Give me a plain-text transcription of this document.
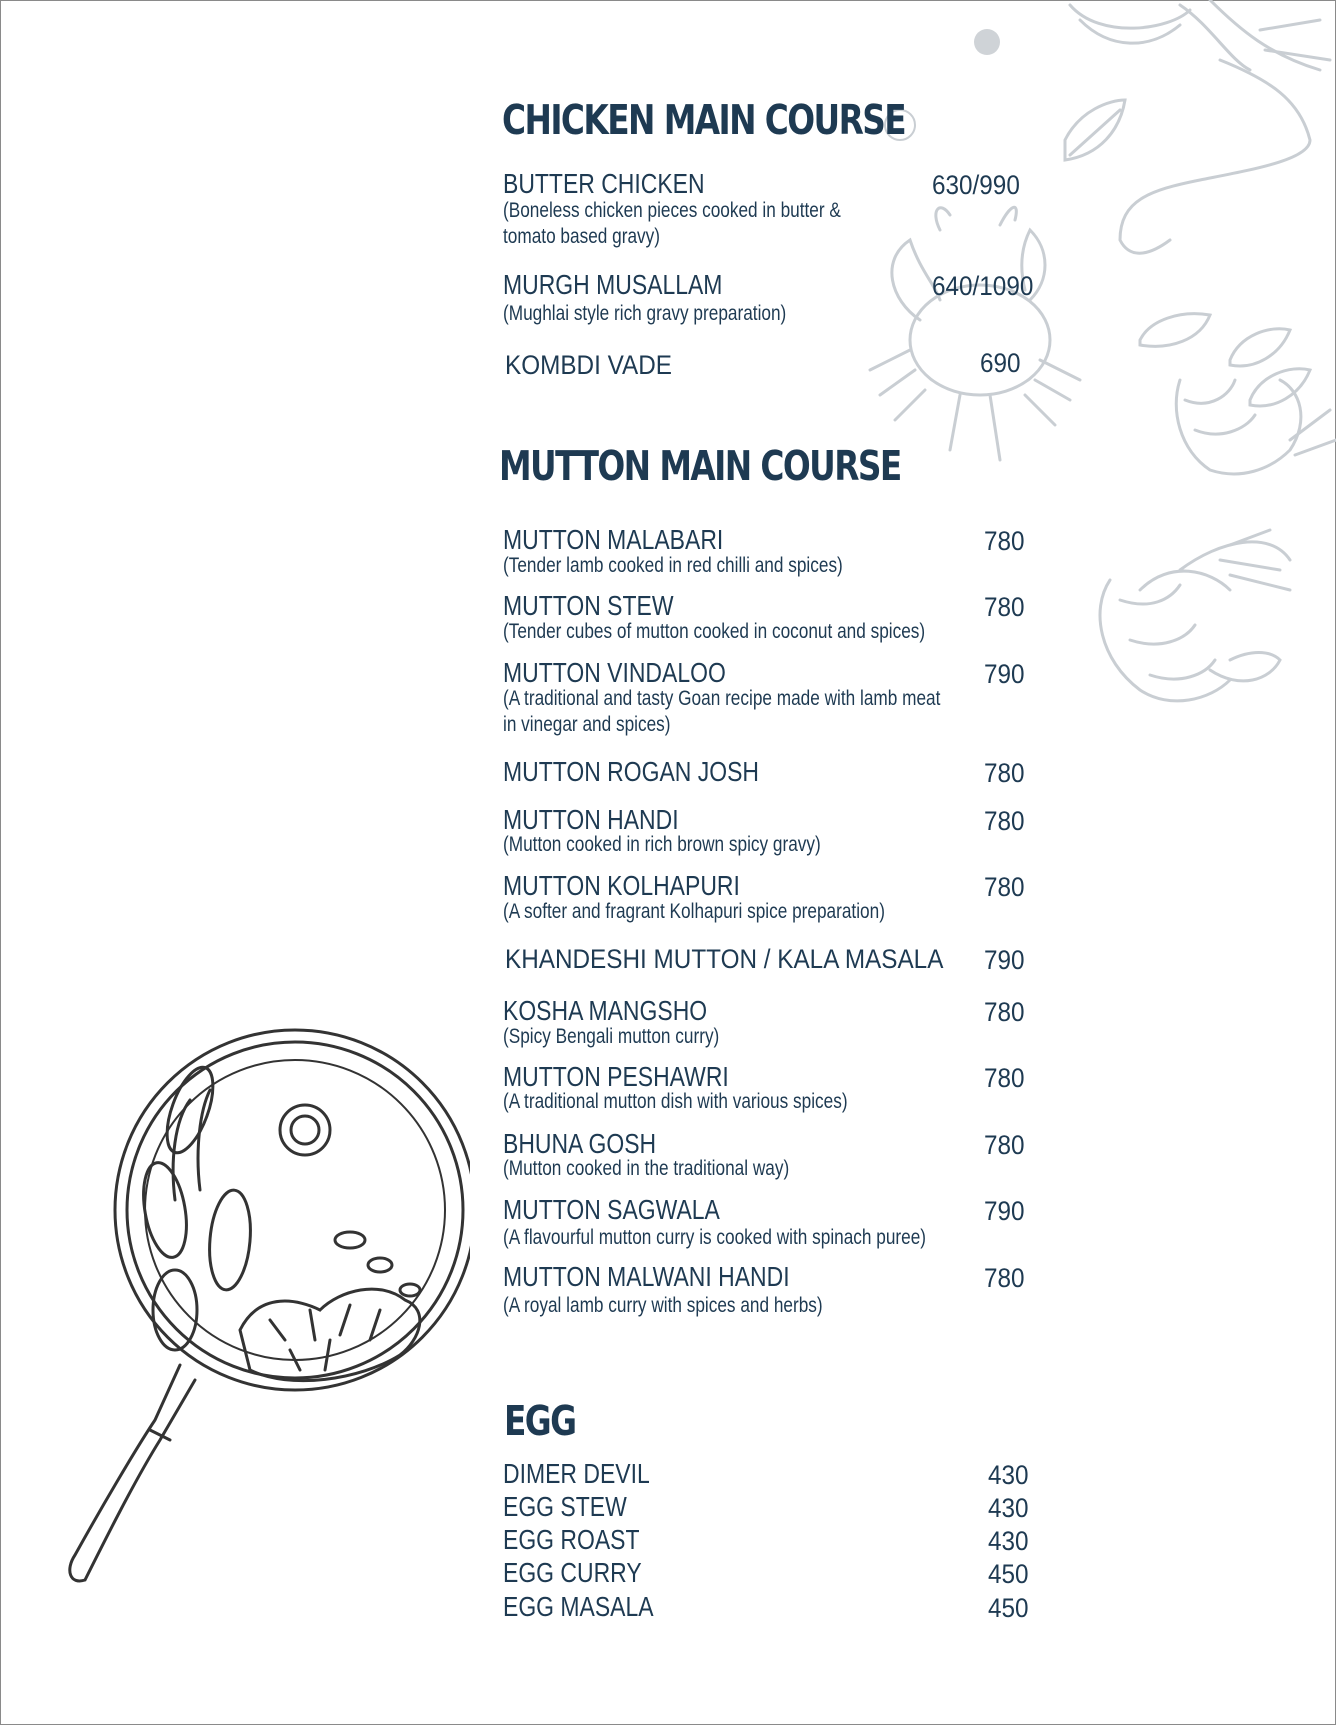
CHICKEN MAIN COURSE
BUTTER CHICKEN	630/990
(Boneless chicken pieces cooked in butter &
tomato based gravy)
MURGH MUSALLAM	640/1090
(Mughlai style rich gravy preparation)
KOMBDI VADE	690
MUTTON MAIN COURSE
MUTTON MALABARI	780
(Tender lamb cooked in red chilli and spices)
MUTTON STEW	780
(Tender cubes of mutton cooked in coconut and spices)
MUTTON VINDALOO	790
(A traditional and tasty Goan recipe made with lamb meat
in vinegar and spices)
MUTTON ROGAN JOSH	780
MUTTON HANDI	780
(Mutton cooked in rich brown spicy gravy)
MUTTON KOLHAPURI	780
(A softer and fragrant Kolhapuri spice preparation)
KHANDESHI MUTTON / KALA MASALA 790
KOSHA MANGSHO	780
(Spicy Bengali mutton curry)
MUTTON PESHAWRI	780
(A traditional mutton dish with various spices)
BHUNA GOSH	780
(Mutton cooked in the traditional way)
MUTTON SAGWALA	790
(A flavourful mutton curry is cooked with spinach puree)
MUTTON MALWANI HANDI	780
(A royal lamb curry with spices and herbs)
EGG
DIMER DEVIL	430
EGG STEW	430
EGG ROAST	430
EGG CURRY	450
EGG MASALA	450
